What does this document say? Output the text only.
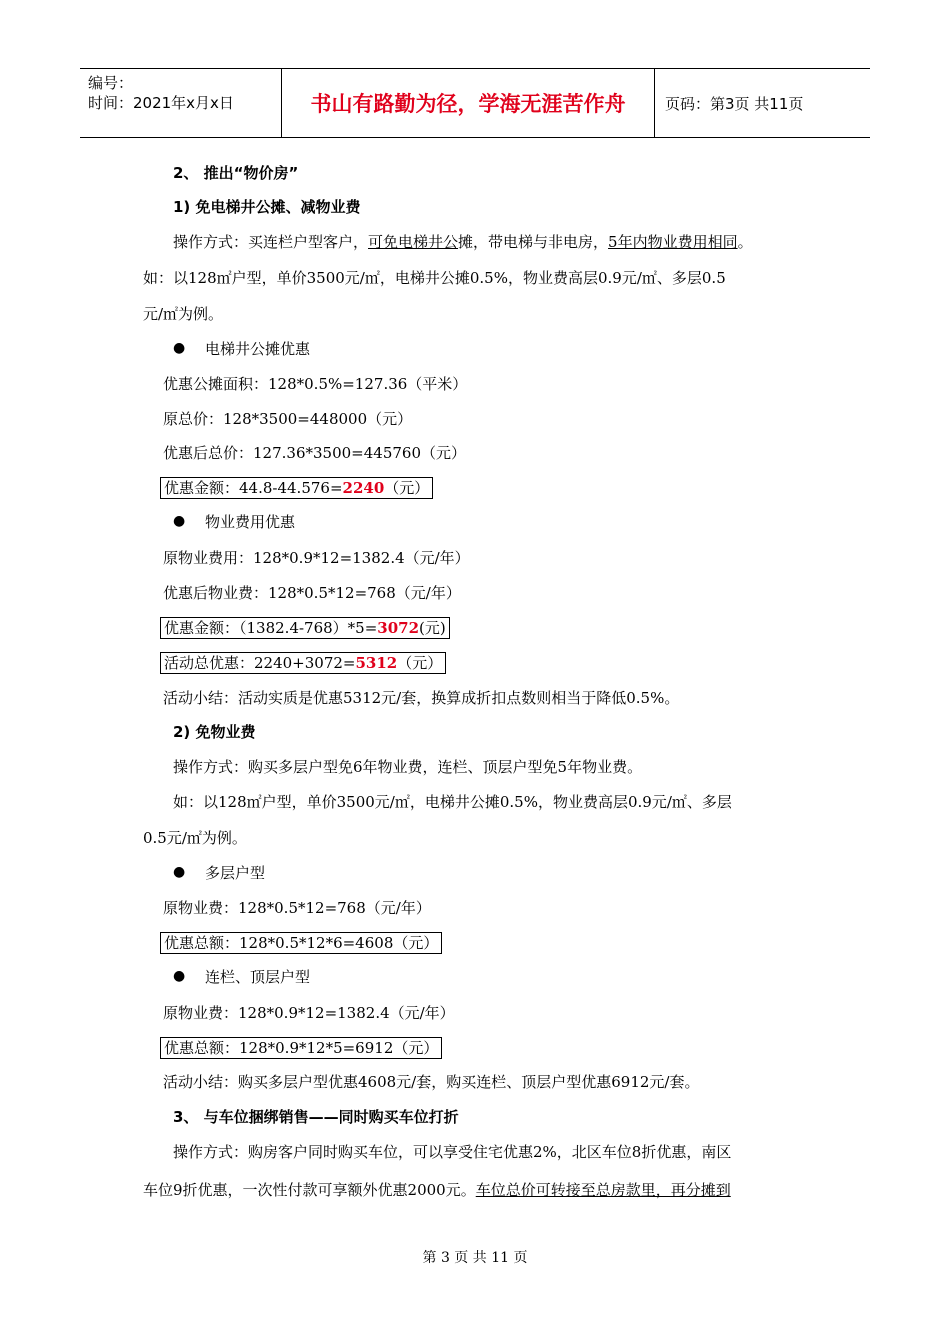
编号：
时间：2021年x月x日	书山有路勤为径，学海无涯苦作舟	页码：第3页 共11页
2、 推出“物价房”
1) 免电梯井公摊、减物业费
操作方式：买连栏户型客户，可免电梯井公摊，带电梯与非电房，5年内物业费用相同。
如：以128㎡户型，单价3500元/㎡，电梯井公摊0.5%，物业费高层0.9元/㎡、多层0.5
元/㎡为例。
● 电梯井公摊优惠
优惠公摊面积：128*0.5%=127.36（平米）
原总价：128*3500=448000（元）
优惠后总价：127.36*3500=445760（元）
优惠金额：44.8-44.576=2240（元）
● 物业费用优惠
原物业费用：128*0.9*12=1382.4（元/年）
优惠后物业费：128*0.5*12=768（元/年）
优惠金额：（1382.4-768）*5=3072(元)
活动总优惠：2240+3072=5312（元）
活动小结：活动实质是优惠5312元/套，换算成折扣点数则相当于降低0.5%。
2) 免物业费
操作方式：购买多层户型免6年物业费，连栏、顶层户型免5年物业费。
如：以128㎡户型，单价3500元/㎡，电梯井公摊0.5%，物业费高层0.9元/㎡、多层
0.5元/㎡为例。
● 多层户型
原物业费：128*0.5*12=768（元/年）
优惠总额：128*0.5*12*6=4608（元）
● 连栏、顶层户型
原物业费：128*0.9*12=1382.4（元/年）
优惠总额：128*0.9*12*5=6912（元）
活动小结：购买多层户型优惠4608元/套，购买连栏、顶层户型优惠6912元/套。
3、 与车位捆绑销售——同时购买车位打折
操作方式：购房客户同时购买车位，可以享受住宅优惠2%，北区车位8折优惠，南区
车位9折优惠，一次性付款可享额外优惠2000元。车位总价可转接至总房款里，再分摊到
第 3 页 共 11 页
